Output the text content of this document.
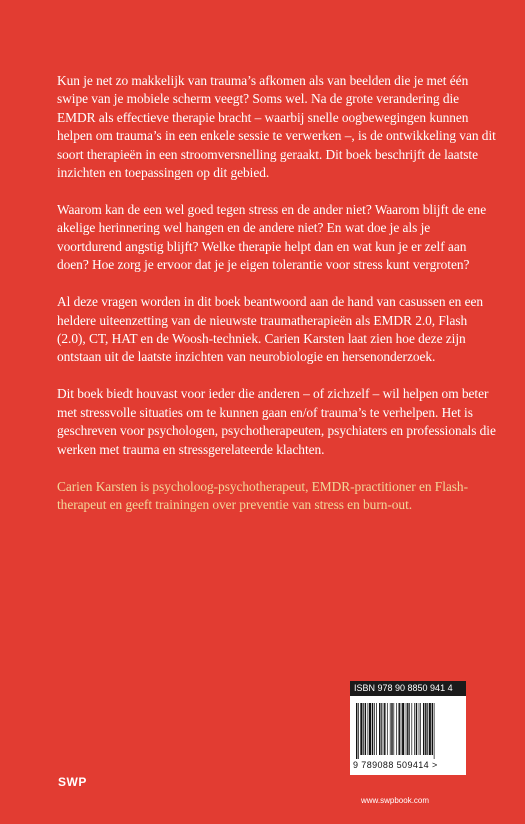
Kun je net zo makkelijk van trauma’s afkomen als van beelden die je met één swipe van je mobiele scherm veegt? Soms wel. Na de grote verandering die EMDR als effectieve therapie bracht – waarbij snelle oogbewegingen kunnen helpen om trauma’s in een enkele sessie te verwerken –, is de ontwikkeling van dit soort therapieën in een stroomversnelling geraakt. Dit boek beschrijft de laatste inzichten en toepassingen op dit gebied.

Waarom kan de een wel goed tegen stress en de ander niet? Waarom blijft de ene akelige herinnering wel hangen en de andere niet? En wat doe je als je voortdurend angstig blijft? Welke therapie helpt dan en wat kun je er zelf aan doen? Hoe zorg je ervoor dat je je eigen tolerantie voor stress kunt vergroten?

Al deze vragen worden in dit boek beantwoord aan de hand van casussen en een heldere uiteenzetting van de nieuwste traumatherapieën als EMDR 2.0, Flash (2.0), CT, HAT en de Woosh-techniek. Carien Karsten laat zien hoe deze zijn ontstaan uit de laatste inzichten van neurobiologie en hersenonderzoek.

Dit boek biedt houvast voor ieder die anderen – of zichzelf – wil helpen om beter met stressvolle situaties om te kunnen gaan en/of trauma’s te verhelpen. Het is geschreven voor psychologen, psychotherapeuten, psychiaters en professionals die werken met trauma en stressgerelateerde klachten.

Carien Karsten is psycholoog-psychotherapeut, EMDR-practitioner en Flash-therapeut en geeft trainingen over preventie van stress en burn-out.

ISBN 978 90 8850 941 4
9 789088 509414 >
SWP
www.swpbook.com
